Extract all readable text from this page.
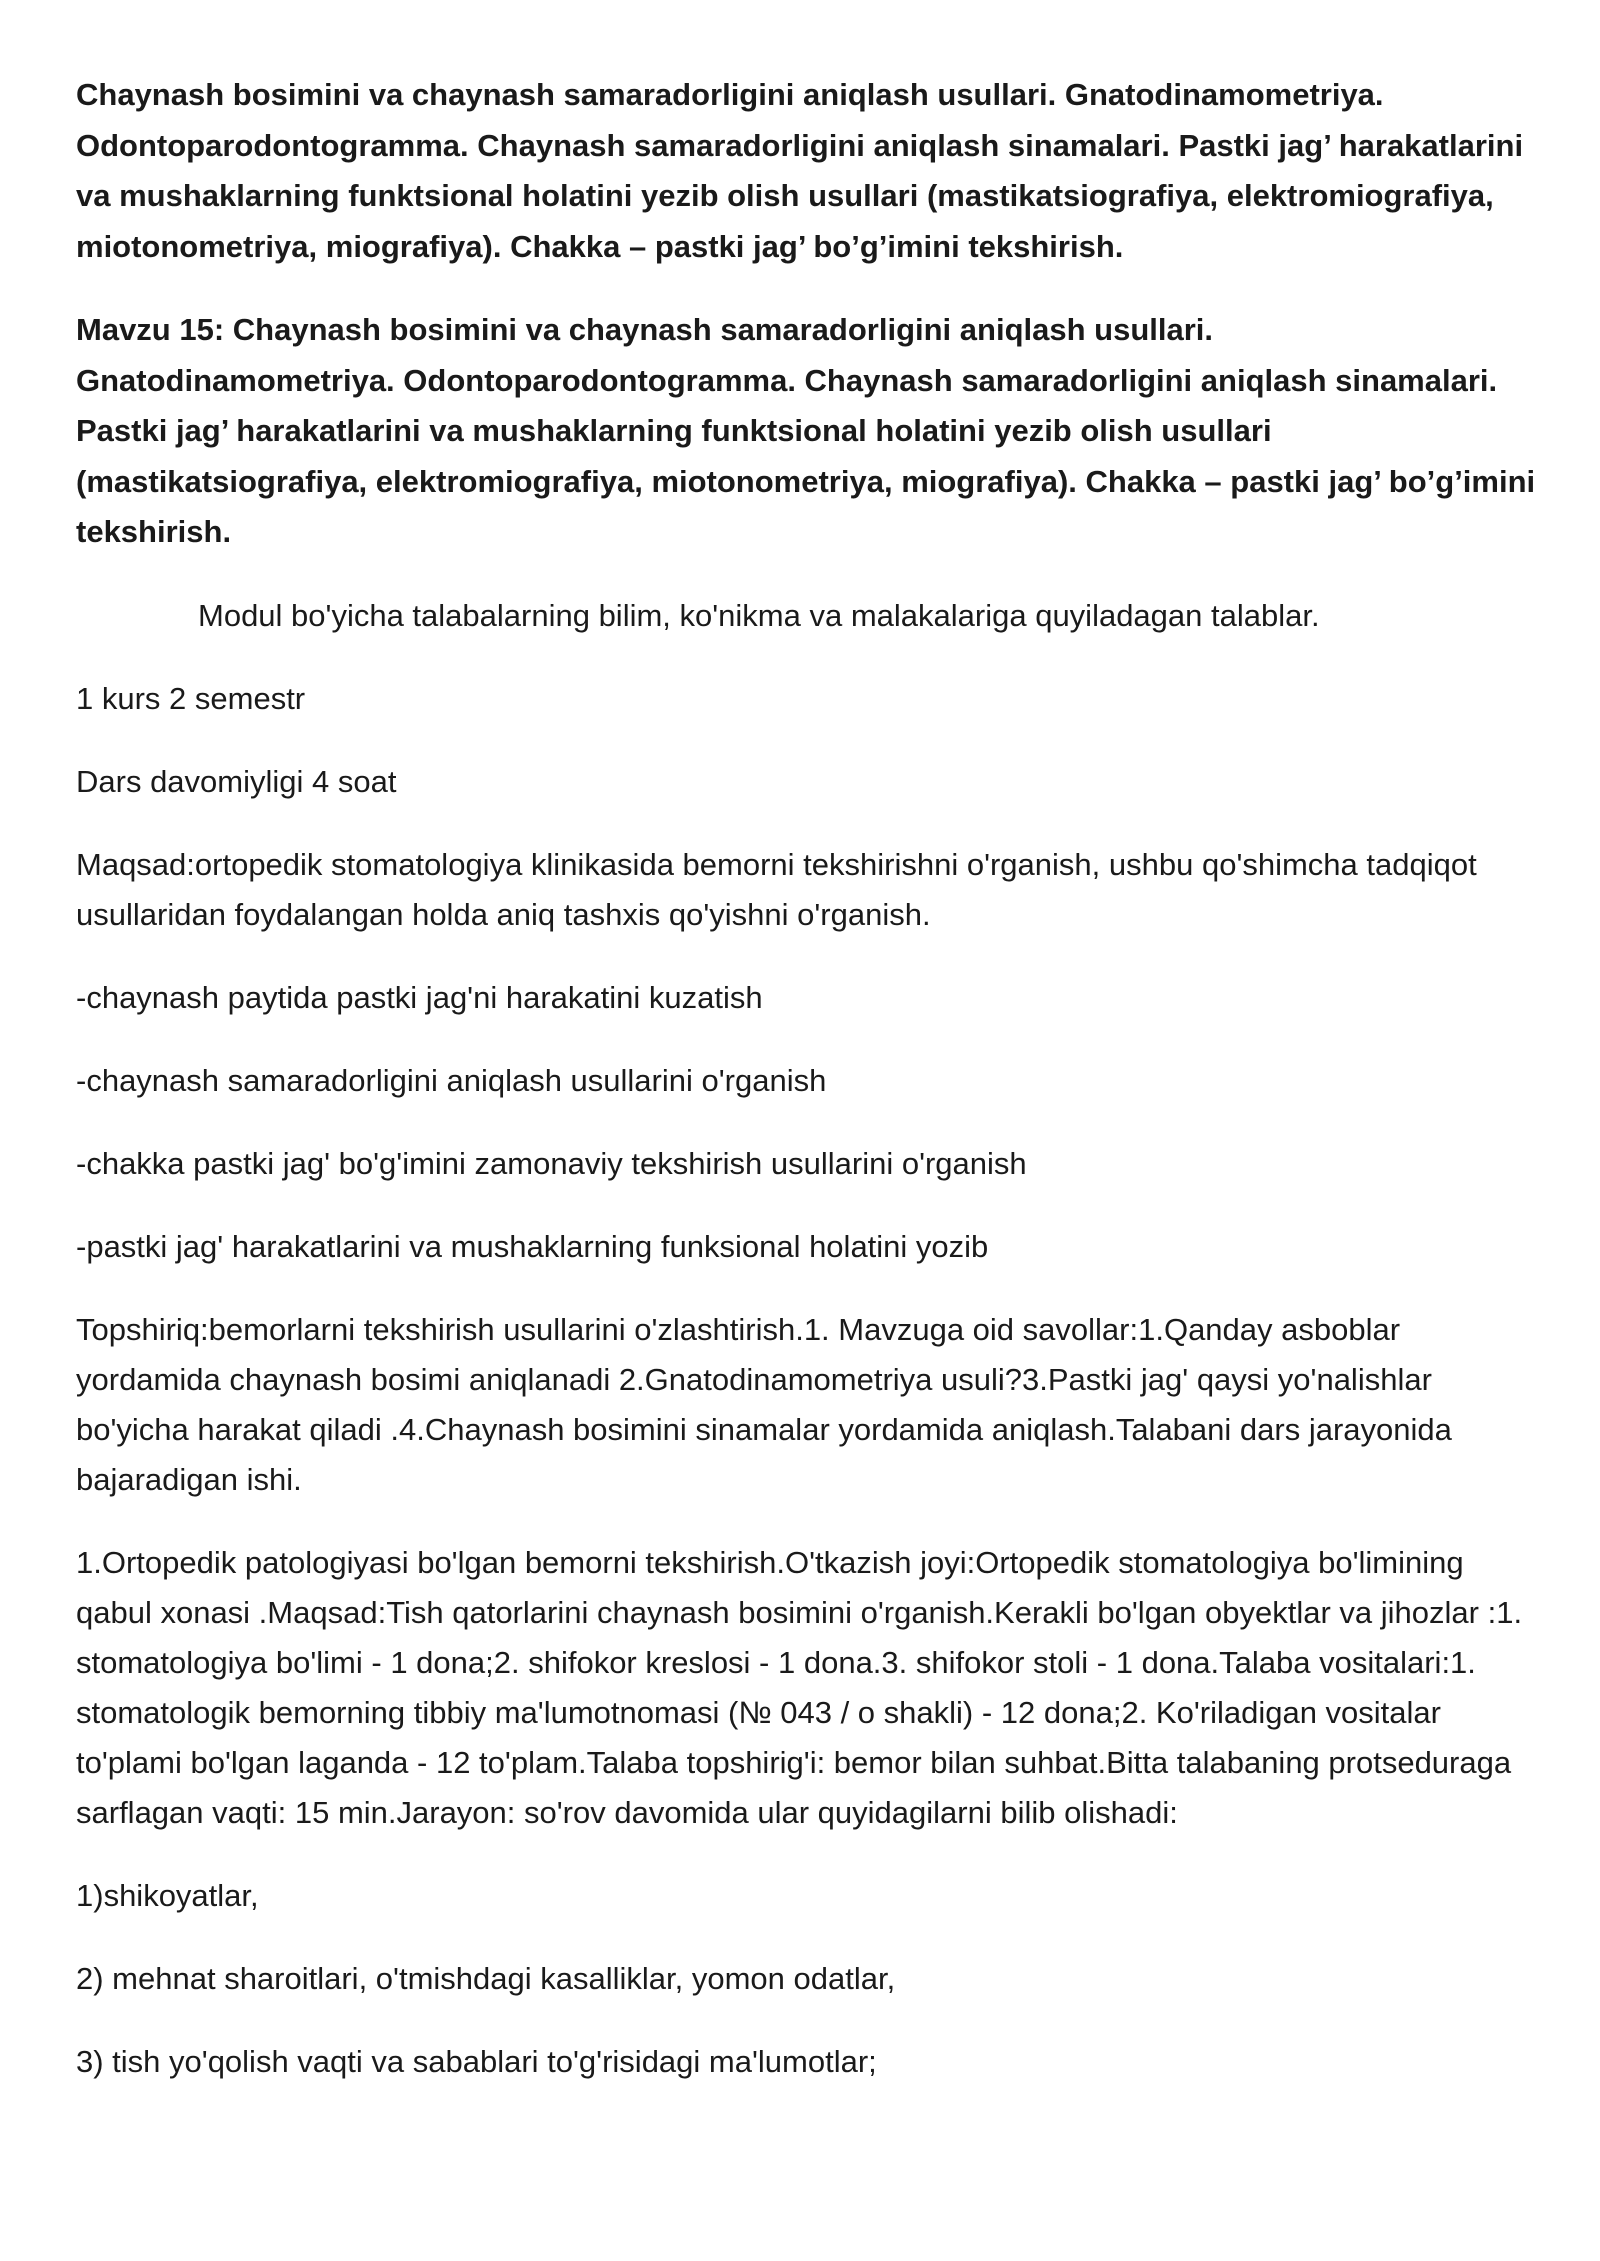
Chaynash bosimini va chaynash samaradorligini aniqlash usullari. Gnatodinamometriya. Odontoparodontogramma. Chaynash samaradorligini aniqlash sinamalari. Pastki jag’ harakatlarini va mushaklarning funktsional holatini yezib olish usullari (mastikatsiografiya, elektromiografiya, miotonometriya, miografiya). Chakka – pastki jag’ bo’g’imini tekshirish.

Mavzu 15: Chaynash bosimini va chaynash samaradorligini aniqlash usullari. Gnatodinamometriya. Odontoparodontogramma. Chaynash samaradorligini aniqlash sinamalari. Pastki jag’ harakatlarini va mushaklarning funktsional holatini yezib olish usullari (mastikatsiografiya, elektromiografiya, miotonometriya, miografiya). Chakka – pastki jag’ bo’g’imini tekshirish.

Modul bo'yicha talabalarning bilim, ko'nikma va malakalariga quyiladagan talablar.

1 kurs 2 semestr

Dars davomiyligi 4 soat

Maqsad:ortopedik stomatologiya klinikasida bemorni tekshirishni o'rganish, ushbu qo'shimcha tadqiqot usullaridan foydalangan holda aniq tashxis qo'yishni o'rganish.

-chaynash paytida pastki jag'ni harakatini kuzatish

-chaynash samaradorligini aniqlash usullarini o'rganish

-chakka pastki jag' bo'g'imini zamonaviy tekshirish usullarini o'rganish

-pastki jag' harakatlarini va mushaklarning funksional holatini yozib

Topshiriq:bemorlarni tekshirish usullarini o'zlashtirish.1. Mavzuga oid savollar:1.Qanday asboblar yordamida chaynash bosimi aniqlanadi 2.Gnatodinamometriya usuli?3.Pastki jag' qaysi yo'nalishlar bo'yicha harakat qiladi .4.Chaynash bosimini sinamalar yordamida aniqlash.Talabani dars jarayonida bajaradigan ishi.

1.Ortopedik patologiyasi bo'lgan bemorni tekshirish.O'tkazish joyi:Ortopedik stomatologiya bo'limining qabul xonasi .Maqsad:Tish qatorlarini chaynash bosimini o'rganish.Kerakli bo'lgan obyektlar va jihozlar :1. stomatologiya bo'limi - 1 dona;2. shifokor kreslosi - 1 dona.3. shifokor stoli - 1 dona.Talaba vositalari:1. stomatologik bemorning tibbiy ma'lumotnomasi (№ 043 / o shakli) - 12 dona;2. Ko'riladigan vositalar to'plami bo'lgan laganda - 12 to'plam.Talaba topshirig'i: bemor bilan suhbat.Bitta talabaning protseduraga sarflagan vaqti: 15 min.Jarayon: so'rov davomida ular quyidagilarni bilib olishadi:

1)shikoyatlar,

2) mehnat sharoitlari, o'tmishdagi kasalliklar, yomon odatlar,

3) tish yo'qolish vaqti va sabablari to'g'risidagi ma'lumotlar;
